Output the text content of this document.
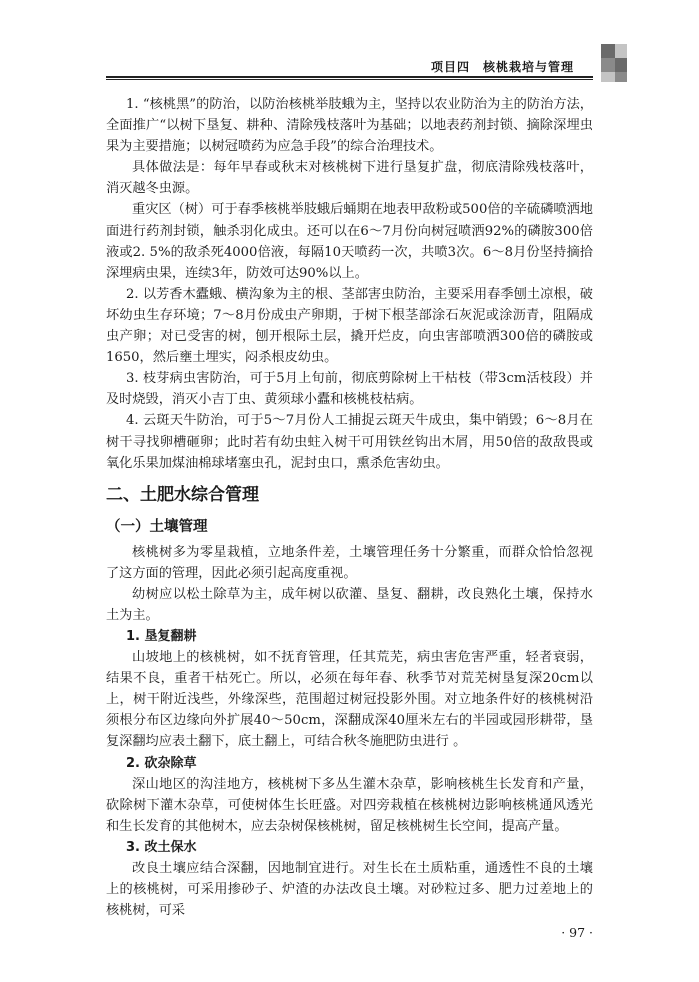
项目四　核桃栽培与管理

1. “核桃黑”的防治，以防治核桃举肢蛾为主，坚持以农业防治为主的防治方法，全面推广“以树下垦复、耕种、清除残枝落叶为基础；以地表药剂封锁、摘除深埋虫果为主要措施；以树冠喷药为应急手段”的综合治理技术。

具体做法是：每年早春或秋末对核桃树下进行垦复扩盘，彻底清除残枝落叶，消灭越冬虫源。

重灾区（树）可于春季核桃举肢蛾后蛹期在地表甲敌粉或500倍的辛硫磷喷洒地面进行药剂封锁，触杀羽化成虫。还可以在6～7月份向树冠喷洒92%的磷胺300倍液或2. 5%的敌杀死4000倍液，每隔10天喷药一次，共喷3次。6～8月份坚持摘拾深埋病虫果，连续3年，防效可达90%以上。

2. 以芳香木蠹蛾、横沟象为主的根、茎部害虫防治，主要采用春季刨土凉根，破坏幼虫生存环境；7～8月份成虫产卵期，于树下根茎部涂石灰泥或涂沥青，阻隔成虫产卵；对已受害的树，刨开根际土层，撬开烂皮，向虫害部喷洒300倍的磷胺或1650，然后壅土埋实，闷杀根皮幼虫。

3. 枝芽病虫害防治，可于5月上旬前，彻底剪除树上干枯枝（带3cm活枝段）并及时烧毁，消灭小吉丁虫、黄须球小蠹和核桃枝枯病。

4. 云斑天牛防治，可于5～7月份人工捕捉云斑天牛成虫，集中销毁；6～8月在树干寻找卵槽砸卵；此时若有幼虫蛀入树干可用铁丝钩出木屑，用50倍的敌敌畏或氧化乐果加煤油棉球堵塞虫孔，泥封虫口，熏杀危害幼虫。

二、土肥水综合管理
（一）土壤管理

核桃树多为零星栽植，立地条件差，土壤管理任务十分繁重，而群众恰恰忽视了这方面的管理，因此必须引起高度重视。

幼树应以松土除草为主，成年树以砍灌、垦复、翻耕，改良熟化土壤，保持水土为主。

1. 垦复翻耕

山坡地上的核桃树，如不抚育管理，任其荒芜，病虫害危害严重，轻者衰弱，结果不良，重者干枯死亡。所以，必须在每年春、秋季节对荒芜树垦复深20cm以上，树干附近浅些，外缘深些，范围超过树冠投影外围。对立地条件好的核桃树沿须根分布区边缘向外扩展40～50cm，深翻成深40厘米左右的半园或园形耕带，垦复深翻均应表土翻下，底土翻上，可结合秋冬施肥防虫进行 。

2. 砍杂除草

深山地区的沟洼地方，核桃树下多丛生灌木杂草，影响核桃生长发育和产量，砍除树下灌木杂草，可使树体生长旺盛。对四旁栽植在核桃树边影响核桃通风透光和生长发育的其他树木，应去杂树保核桃树，留足核桃树生长空间，提高产量。

3. 改土保水

改良土壤应结合深翻，因地制宜进行。对生长在土质粘重，通透性不良的土壤上的核桃树，可采用掺砂子、炉渣的办法改良土壤。对砂粒过多、肥力过差地上的核桃树，可采

· 97 ·
